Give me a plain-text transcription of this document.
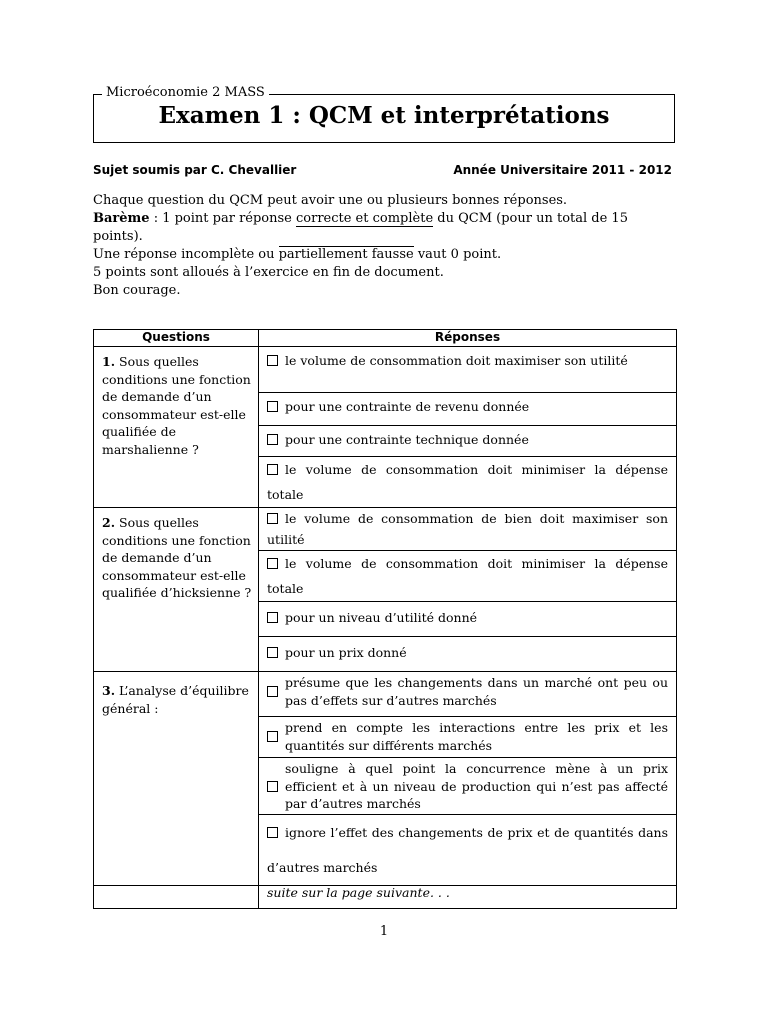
Microéconomie 2 MASS
Examen 1 : QCM et interprétations
Sujet soumis par C. Chevallier	Année Universitaire 2011 - 2012

Chaque question du QCM peut avoir une ou plusieurs bonnes réponses.

Barème : 1 point par réponse correcte et complète du QCM (pour un total de 15 points).

Une réponse incomplète ou partiellement fausse vaut 0 point.

5 points sont alloués à l’exercice en fin de document.

Bon courage.

Questions	Réponses
1. Sous quelles conditions une fonction de demande d’un consommateur est-elle qualifiée de marshalienne ?	le volume de consommation doit maximiser son utilité
	pour une contrainte de revenu donnée
	pour une contrainte technique donnée
	le volume de consommation doit minimiser la dépense totale
2. Sous quelles conditions une fonction de demande d’un consommateur est-elle qualifiée d’hicksienne ?	le volume de consommation de bien doit maximiser son utilité
	le volume de consommation doit minimiser la dépense totale
	pour un niveau d’utilité donné
	pour un prix donné
3. L’analyse d’équilibre général :	présume que les changements dans un marché ont peu ou pas d’effets sur d’autres marchés

	prend en compte les interactions entre les prix et les quantités sur différents marchés

	souligne à quel point la concurrence mène à un prix efficient et à un niveau de production qui n’est pas affecté par d’autres marchés

	ignore l’effet des changements de prix et de quantités dans d’autres marchés
	suite sur la page suivante. . .
1
